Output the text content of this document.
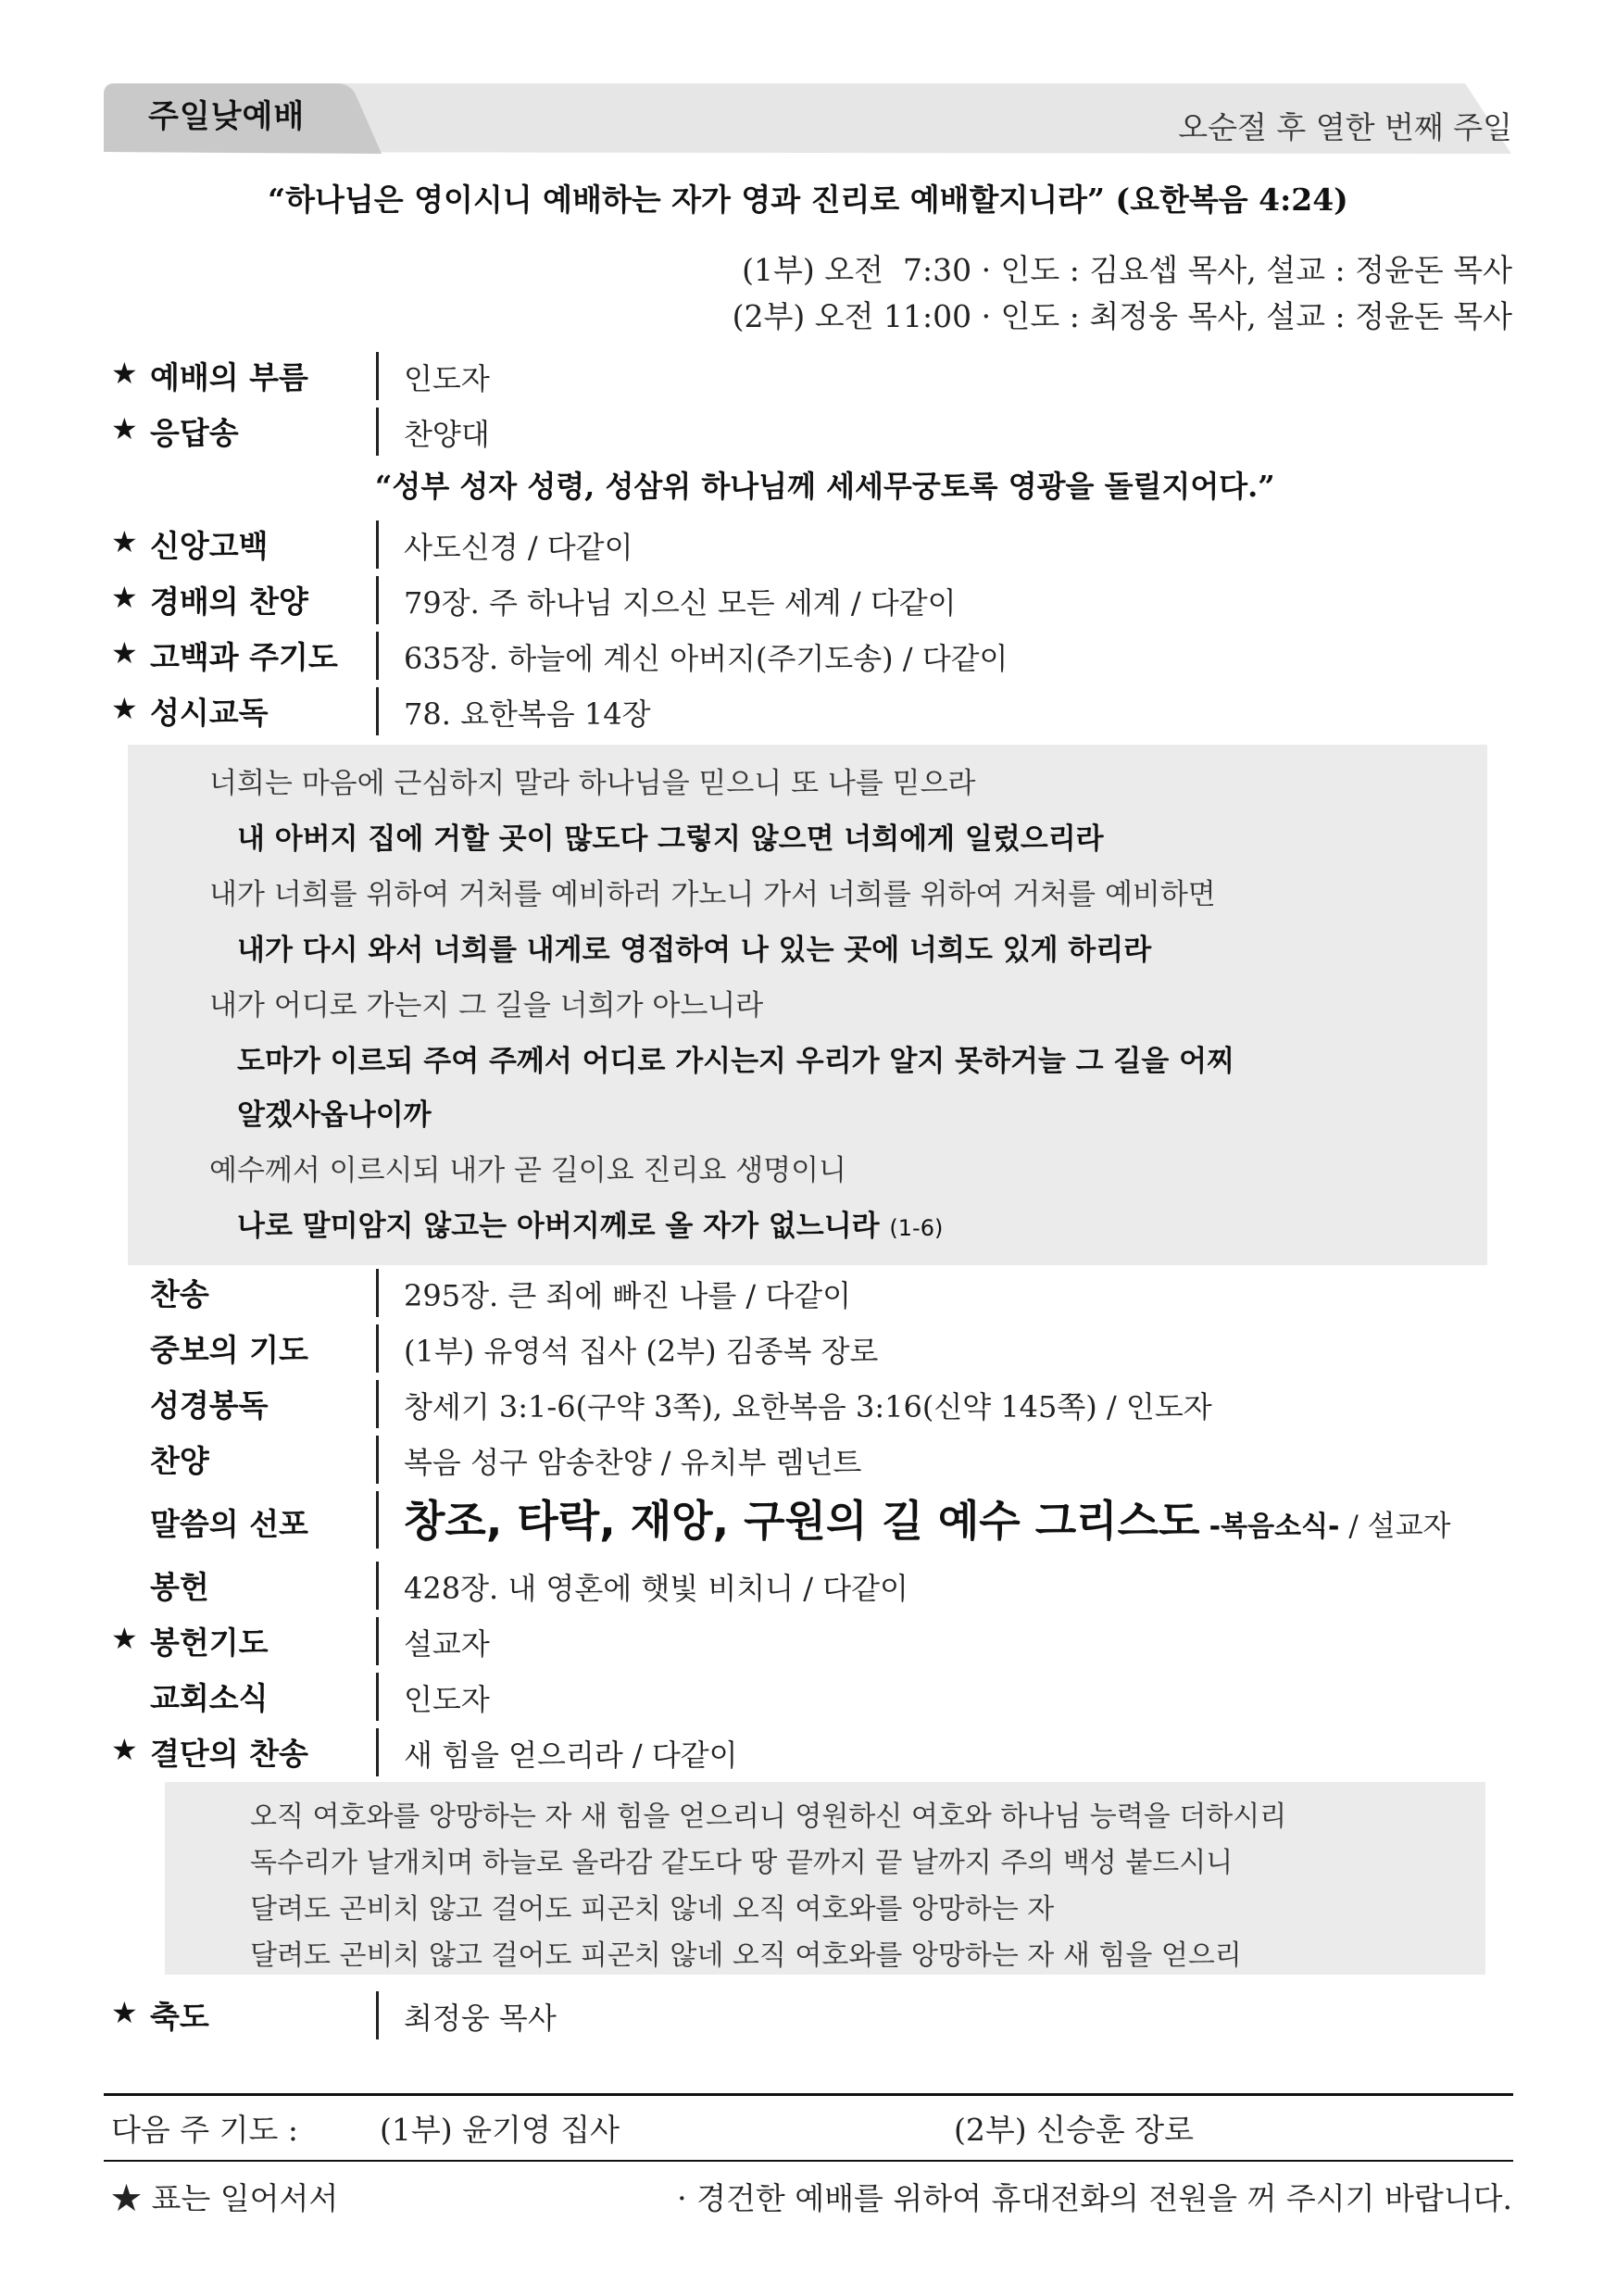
주일낮예배	오순절 후 열한 번째 주일
“하나님은 영이시니 예배하는 자가 영과 진리로 예배할지니라” (요한복음 4:24)
(1부) 오전  7:30 · 인도 : 김요셉 목사, 설교 : 정윤돈 목사
(2부) 오전 11:00 · 인도 : 최정웅 목사, 설교 : 정윤돈 목사
★ 예배의 부름	인도자
★ 응답송	찬양대
“성부 성자 성령, 성삼위 하나님께 세세무궁토록 영광을 돌릴지어다.”
★ 신앙고백	사도신경 / 다같이
★ 경배의 찬양	79장. 주 하나님 지으신 모든 세계 / 다같이
★ 고백과 주기도 635장. 하늘에 계신 아버지(주기도송) / 다같이
★ 성시교독	78. 요한복음 14장
너희는 마음에 근심하지 말라 하나님을 믿으니 또 나를 믿으라
내 아버지 집에 거할 곳이 많도다 그렇지 않으면 너희에게 일렀으리라
내가 너희를 위하여 거처를 예비하러 가노니 가서 너희를 위하여 거처를 예비하면
내가 다시 와서 너희를 내게로 영접하여 나 있는 곳에 너희도 있게 하리라
내가 어디로 가는지 그 길을 너희가 아느니라
도마가 이르되 주여 주께서 어디로 가시는지 우리가 알지 못하거늘 그 길을 어찌
알겠사옵나이까
예수께서 이르시되 내가 곧 길이요 진리요 생명이니
나로 말미암지 않고는 아버지께로 올 자가 없느니라 (1-6)
찬송	295장. 큰 죄에 빠진 나를 / 다같이
중보의 기도	(1부) 유영석 집사 (2부) 김종복 장로
성경봉독	창세기 3:1-6(구약 3쪽), 요한복음 3:16(신약 145쪽) / 인도자
찬양	복음 성구 암송찬양 / 유치부 렘넌트
말씀의 선포 창조, 타락, 재앙, 구원의 길 예수 그리스도 -복음소식- / 설교자
봉헌	428장. 내 영혼에 햇빛 비치니 / 다같이
★ 봉헌기도	설교자
교회소식	인도자
★ 결단의 찬송	새 힘을 얻으리라 / 다같이
오직 여호와를 앙망하는 자 새 힘을 얻으리니 영원하신 여호와 하나님 능력을 더하시리
독수리가 날개치며 하늘로 올라감 같도다 땅 끝까지 끝 날까지 주의 백성 붙드시니
달려도 곤비치 않고 걸어도 피곤치 않네 오직 여호와를 앙망하는 자
달려도 곤비치 않고 걸어도 피곤치 않네 오직 여호와를 앙망하는 자 새 힘을 얻으리
★ 축도	최정웅 목사
다음 주 기도 :	(1부) 윤기영 집사	(2부) 신승훈 장로
★ 표는 일어서서	· 경건한 예배를 위하여 휴대전화의 전원을 꺼 주시기 바랍니다.
